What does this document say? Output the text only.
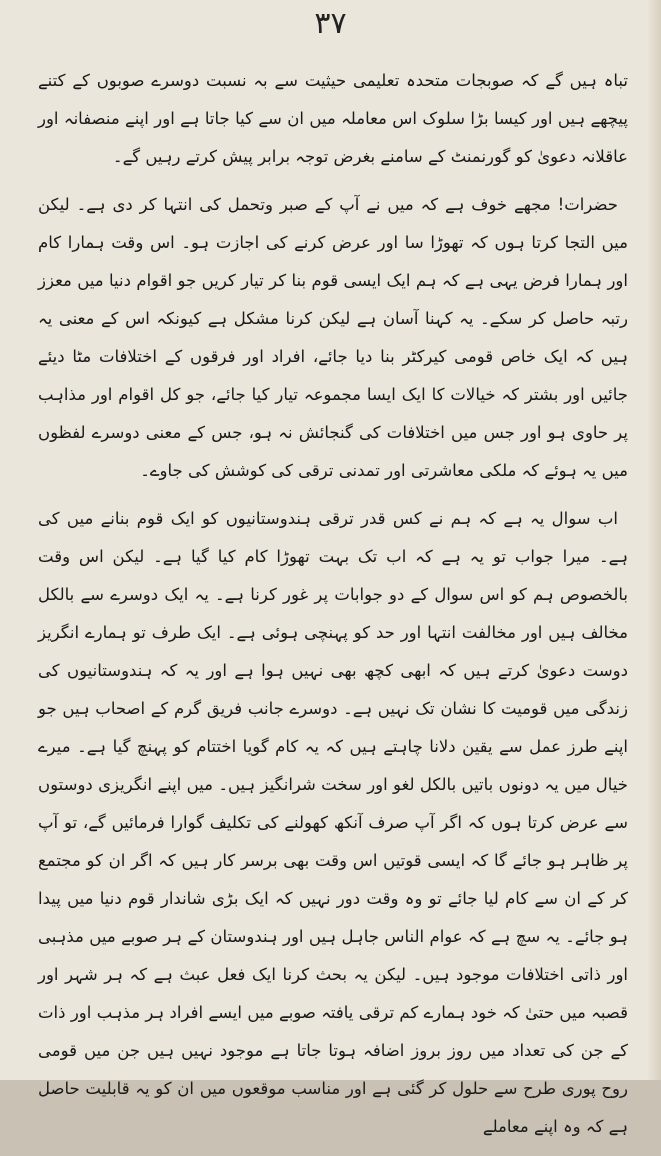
۳۷

تباہ ہیں گے کہ صوبجات متحدہ تعلیمی حیثیت سے بہ نسبت دوسرے صوبوں کے کتنے پیچھے ہیں اور کیسا بڑا سلوک اس معاملہ میں ان سے کیا جاتا ہے اور اپنے منصفانہ اور عاقلانہ دعویٰ کو گورنمنٹ کے سامنے بغرض توجہ برابر پیش کرتے رہیں گے۔

حضرات! مجھے خوف ہے کہ میں نے آپ کے صبر وتحمل کی انتہا کر دی ہے۔ لیکن میں التجا کرتا ہوں کہ تھوڑا سا اور عرض کرنے کی اجازت ہو۔ اس وقت ہمارا کام اور ہمارا فرض یہی ہے کہ ہم ایک ایسی قوم بنا کر تیار کریں جو اقوام دنیا میں معزز رتبہ حاصل کر سکے۔ یہ کہنا آسان ہے لیکن کرنا مشکل ہے کیونکہ اس کے معنی یہ ہیں کہ ایک خاص قومی کیرکٹر بنا دیا جائے، افراد اور فرقوں کے اختلافات مٹا دیئے جائیں اور بشتر کہ خیالات کا ایک ایسا مجموعہ تیار کیا جائے، جو کل اقوام اور مذاہب پر حاوی ہو اور جس میں اختلافات کی گنجائش نہ ہو، جس کے معنی دوسرے لفظوں میں یہ ہوئے کہ ملکی معاشرتی اور تمدنی ترقی کی کوشش کی جاوے۔

اب سوال یہ ہے کہ ہم نے کس قدر ترقی ہندوستانیوں کو ایک قوم بنانے میں کی ہے۔ میرا جواب تو یہ ہے کہ اب تک بہت تھوڑا کام کیا گیا ہے۔ لیکن اس وقت بالخصوص ہم کو اس سوال کے دو جوابات پر غور کرنا ہے۔ یہ ایک دوسرے سے بالکل مخالف ہیں اور مخالفت انتہا اور حد کو پہنچی ہوئی ہے۔ ایک طرف تو ہمارے انگریز دوست دعویٰ کرتے ہیں کہ ابھی کچھ بھی نہیں ہوا ہے اور یہ کہ ہندوستانیوں کی زندگی میں قومیت کا نشان تک نہیں ہے۔ دوسرے جانب فریق گرم کے اصحاب ہیں جو اپنے طرز عمل سے یقین دلانا چاہتے ہیں کہ یہ کام گویا اختتام کو پہنچ گیا ہے۔ میرے خیال میں یہ دونوں باتیں بالکل لغو اور سخت شرانگیز ہیں۔ میں اپنے انگریزی دوستوں سے عرض کرتا ہوں کہ اگر آپ صرف آنکھ کھولنے کی تکلیف گوارا فرمائیں گے، تو آپ پر ظاہر ہو جائے گا کہ ایسی قوتیں اس وقت بھی برسر کار ہیں کہ اگر ان کو مجتمع کر کے ان سے کام لیا جائے تو وہ وقت دور نہیں کہ ایک بڑی شاندار قوم دنیا میں پیدا ہو جائے۔ یہ سچ ہے کہ عوام الناس جاہل ہیں اور ہندوستان کے ہر صوبے میں مذہبی اور ذاتی اختلافات موجود ہیں۔ لیکن یہ بحث کرنا ایک فعل عبث ہے کہ ہر شہر اور قصبہ میں حتیٰ کہ خود ہمارے کم ترقی یافتہ صوبے میں ایسے افراد ہر مذہب اور ذات کے جن کی تعداد میں روز بروز اضافہ ہوتا جاتا ہے موجود نہیں ہیں جن میں قومی روح پوری طرح سے حلول کر گئی ہے اور مناسب موقعوں میں ان کو یہ قابلیت حاصل ہے کہ وہ اپنے معاملے
